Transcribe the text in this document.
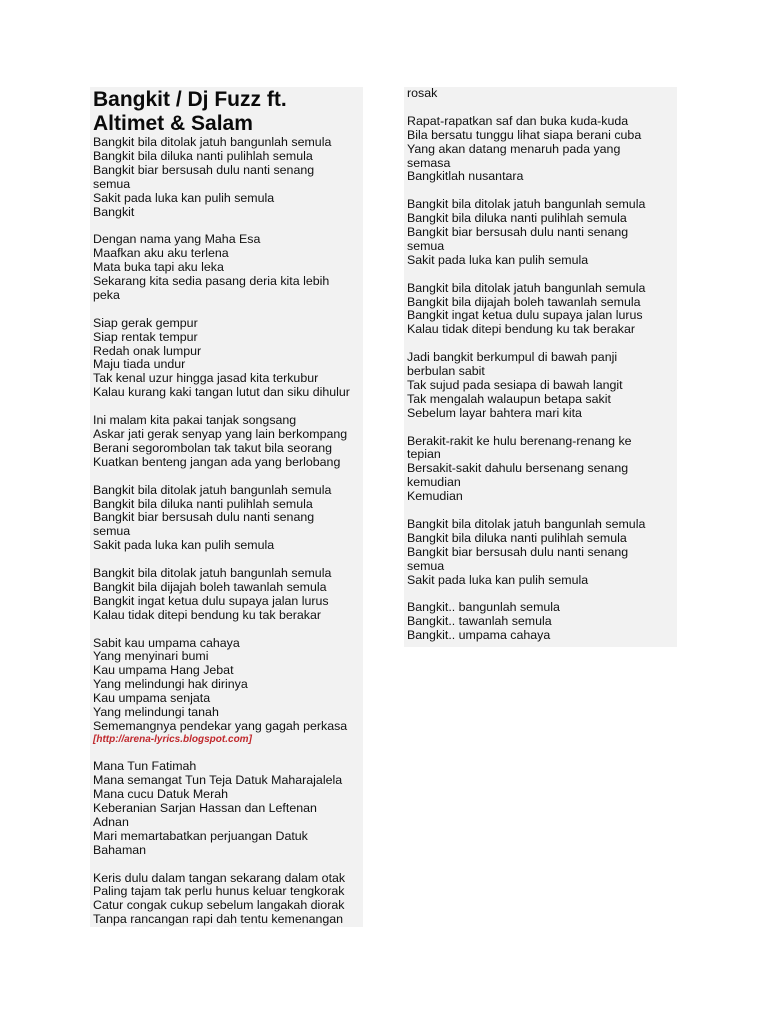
Bangkit / Dj Fuzz ft.
Altimet & Salam
Bangkit bila ditolak jatuh bangunlah semula
Bangkit bila diluka nanti pulihlah semula
Bangkit biar bersusah dulu nanti senang
semua
Sakit pada luka kan pulih semula
Bangkit
Dengan nama yang Maha Esa
Maafkan aku aku terlena
Mata buka tapi aku leka
Sekarang kita sedia pasang deria kita lebih
peka
Siap gerak gempur
Siap rentak tempur
Redah onak lumpur
Maju tiada undur
Tak kenal uzur hingga jasad kita terkubur
Kalau kurang kaki tangan lutut dan siku dihulur
Ini malam kita pakai tanjak songsang
Askar jati gerak senyap yang lain berkompang
Berani segorombolan tak takut bila seorang
Kuatkan benteng jangan ada yang berlobang
Bangkit bila ditolak jatuh bangunlah semula
Bangkit bila diluka nanti pulihlah semula
Bangkit biar bersusah dulu nanti senang
semua
Sakit pada luka kan pulih semula
Bangkit bila ditolak jatuh bangunlah semula
Bangkit bila dijajah boleh tawanlah semula
Bangkit ingat ketua dulu supaya jalan lurus
Kalau tidak ditepi bendung ku tak berakar
Sabit kau umpama cahaya
Yang menyinari bumi
Kau umpama Hang Jebat
Yang melindungi hak dirinya
Kau umpama senjata
Yang melindungi tanah
Sememangnya pendekar yang gagah perkasa
[http://arena-lyrics.blogspot.com]
Mana Tun Fatimah
Mana semangat Tun Teja Datuk Maharajalela
Mana cucu Datuk Merah
Keberanian Sarjan Hassan dan Leftenan
Adnan
Mari memartabatkan perjuangan Datuk
Bahaman
Keris dulu dalam tangan sekarang dalam otak
Paling tajam tak perlu hunus keluar tengkorak
Catur congak cukup sebelum langakah diorak
Tanpa rancangan rapi dah tentu kemenangan
rosak
Rapat-rapatkan saf dan buka kuda-kuda
Bila bersatu tunggu lihat siapa berani cuba
Yang akan datang menaruh pada yang
semasa
Bangkitlah nusantara
Bangkit bila ditolak jatuh bangunlah semula
Bangkit bila diluka nanti pulihlah semula
Bangkit biar bersusah dulu nanti senang
semua
Sakit pada luka kan pulih semula
Bangkit bila ditolak jatuh bangunlah semula
Bangkit bila dijajah boleh tawanlah semula
Bangkit ingat ketua dulu supaya jalan lurus
Kalau tidak ditepi bendung ku tak berakar
Jadi bangkit berkumpul di bawah panji
berbulan sabit
Tak sujud pada sesiapa di bawah langit
Tak mengalah walaupun betapa sakit
Sebelum layar bahtera mari kita
Berakit-rakit ke hulu berenang-renang ke
tepian
Bersakit-sakit dahulu bersenang senang
kemudian
Kemudian
Bangkit bila ditolak jatuh bangunlah semula
Bangkit bila diluka nanti pulihlah semula
Bangkit biar bersusah dulu nanti senang
semua
Sakit pada luka kan pulih semula
Bangkit.. bangunlah semula
Bangkit.. tawanlah semula
Bangkit.. umpama cahaya
